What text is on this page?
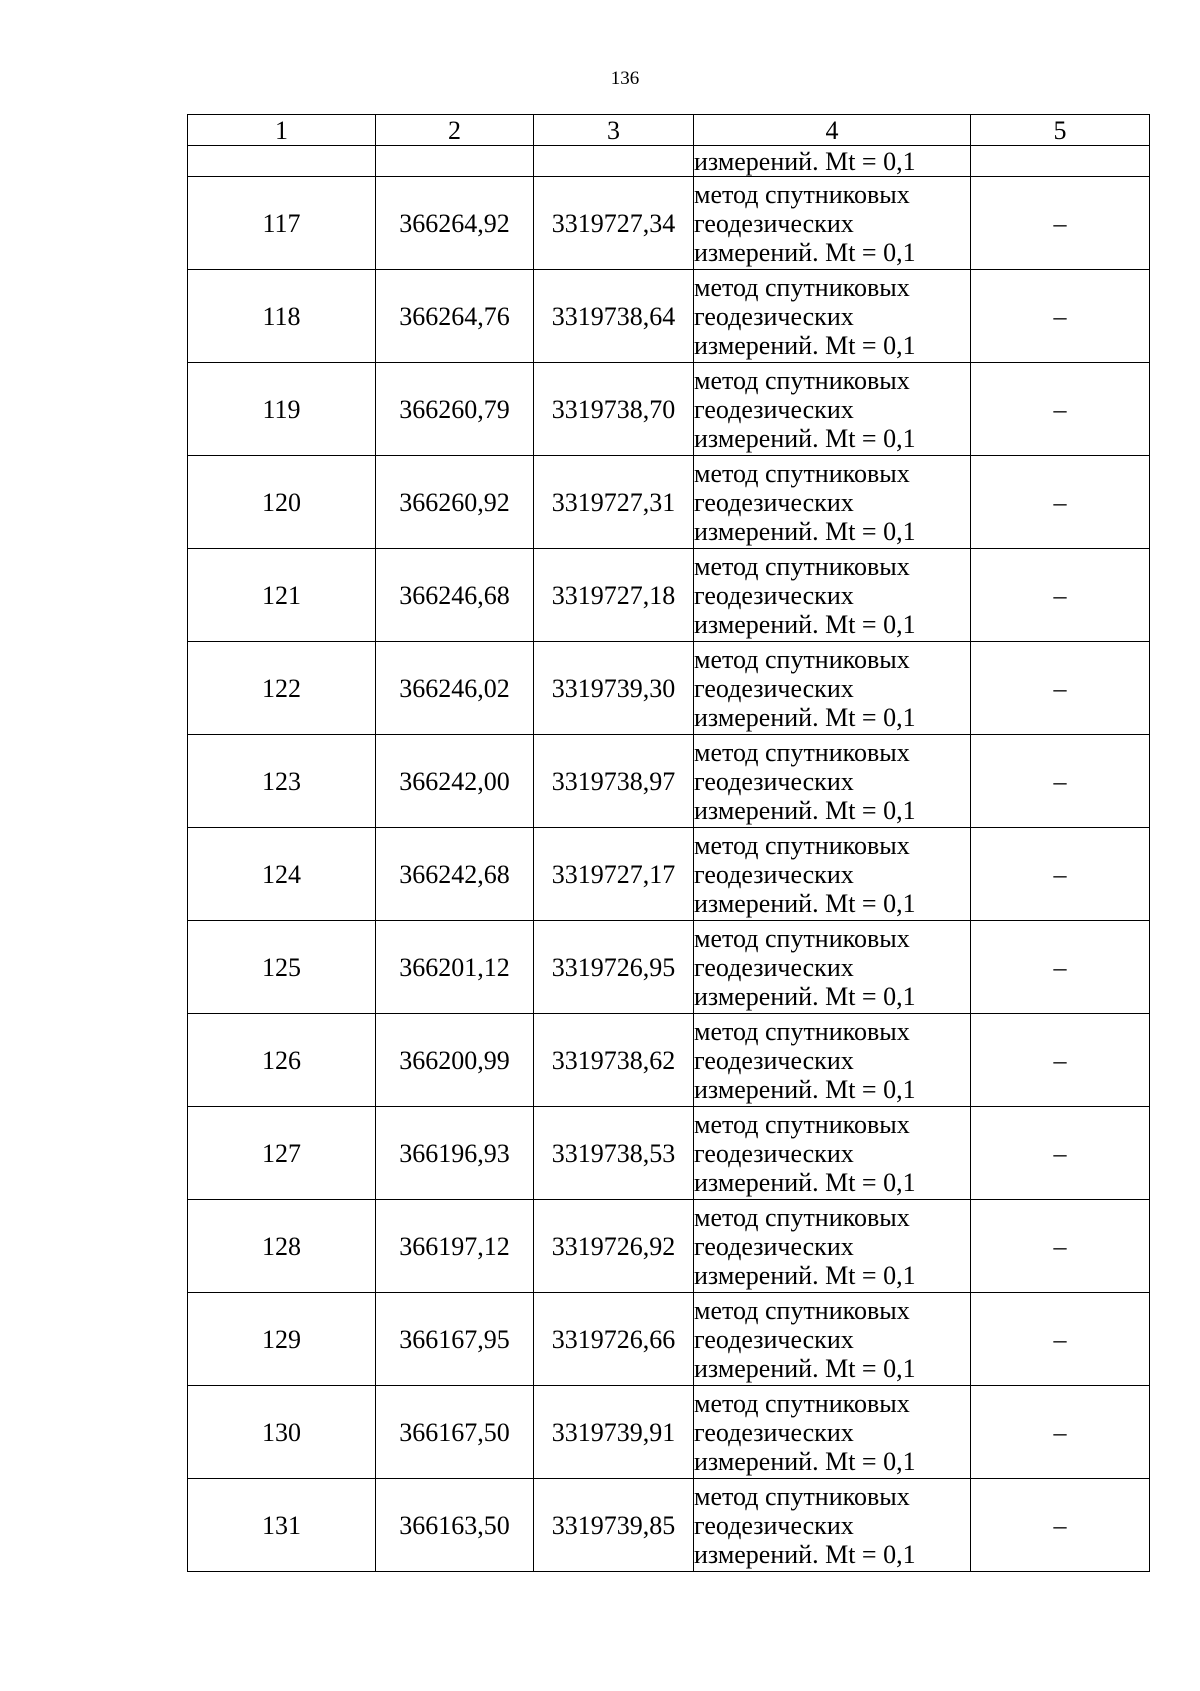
136
1	2	3	4	5
			измерений. Mt = 0,1	
117	366264,92	3319727,34	метод спутниковых
геодезических
измерений. Mt = 0,1	–
118	366264,76	3319738,64	метод спутниковых
геодезических
измерений. Mt = 0,1	–
119	366260,79	3319738,70	метод спутниковых
геодезических
измерений. Mt = 0,1	–
120	366260,92	3319727,31	метод спутниковых
геодезических
измерений. Mt = 0,1	–
121	366246,68	3319727,18	метод спутниковых
геодезических
измерений. Mt = 0,1	–
122	366246,02	3319739,30	метод спутниковых
геодезических
измерений. Mt = 0,1	–
123	366242,00	3319738,97	метод спутниковых
геодезических
измерений. Mt = 0,1	–
124	366242,68	3319727,17	метод спутниковых
геодезических
измерений. Mt = 0,1	–
125	366201,12	3319726,95	метод спутниковых
геодезических
измерений. Mt = 0,1	–
126	366200,99	3319738,62	метод спутниковых
геодезических
измерений. Mt = 0,1	–
127	366196,93	3319738,53	метод спутниковых
геодезических
измерений. Mt = 0,1	–
128	366197,12	3319726,92	метод спутниковых
геодезических
измерений. Mt = 0,1	–
129	366167,95	3319726,66	метод спутниковых
геодезических
измерений. Mt = 0,1	–
130	366167,50	3319739,91	метод спутниковых
геодезических
измерений. Mt = 0,1	–
131	366163,50	3319739,85	метод спутниковых
геодезических
измерений. Mt = 0,1	–
